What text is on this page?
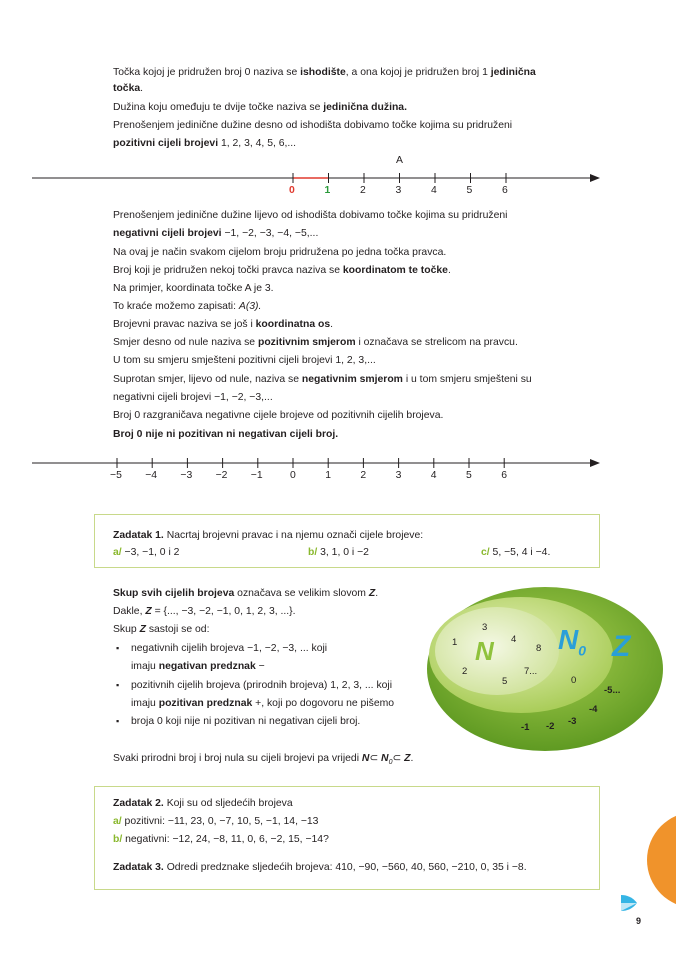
Točka kojoj je pridružen broj 0 naziva se ishodište, a ona kojoj je pridružen broj 1 jedinična

točka.

Dužina koju omeđuju te dvije točke naziva se jedinična dužina.

Prenošenjem jedinične dužine desno od ishodišta dobivamo točke kojima su pridruženi

pozitivni cijeli brojevi 1, 2, 3, 4, 5, 6,...

A
0	1	2	3	4	5	6

Prenošenjem jedinične dužine lijevo od ishodišta dobivamo točke kojima su pridruženi

negativni cijeli brojevi −1, −2, −3, −4, −5,...

Na ovaj je način svakom cijelom broju pridružena po jedna točka pravca.

Broj koji je pridružen nekoj točki pravca naziva se koordinatom te točke.

Na primjer, koordinata točke A je 3.

To kraće možemo zapisati: A(3).

Brojevni pravac naziva se još i koordinatna os.

Smjer desno od nule naziva se pozitivnim smjerom i označava se strelicom na pravcu.

U tom su smjeru smješteni pozitivni cijeli brojevi 1, 2, 3,...

Suprotan smjer, lijevo od nule, naziva se negativnim smjerom i u tom smjeru smješteni su

negativni cijeli brojevi −1, −2, −3,...

Broj 0 razgraničava negativne cijele brojeve od pozitivnih cijelih brojeva.

Broj 0 nije ni pozitivan ni negativan cijeli broj.

−5 −4 −3 −2 −1	0	1	2	3	4	5	6

Zadatak 1. Nacrtaj brojevni pravac i na njemu označi cijele brojeve:

a/ −3, −1, 0 i 2	b/ 3, 1, 0 i −2	c/ 5, −5, 4 i −4.

Skup svih cijelih brojeva označava se velikim slovom Z.

Dakle, Z = {..., −3, −2, −1, 0, 1, 2, 3, ...}.

Skup Z sastoji se od:

▪ negativnih cijelih brojeva −1, −2, −3, ... koji

imaju negativan predznak −

▪ pozitivnih cijelih brojeva (prirodnih brojeva) 1, 2, 3, ... koji

imaju pozitivan predznak +, koji po dogovoru ne pišemo

▪ broja 0 koji nije ni pozitivan ni negativan cijeli broj.

Svaki prirodni broj i broj nula su cijeli brojevi pa vrijedi N⊂ $N_0\subset$ Z.

N $N_0$ Z
1
3
4
8
2
5
7...
0
-5...
-4
-3
-2
-1

Zadatak 2. Koji su od sljedećih brojeva

a/ pozitivni: −11, 23, 0, −7, 10, 5, −1, 14, −13

b/ negativni: −12, 24, −8, 11, 0, 6, −2, 15, −14?

Zadatak 3. Odredi predznake sljedećih brojeva: 410, −90, −560, 40, 560, −210, 0, 35 i −8.

9
